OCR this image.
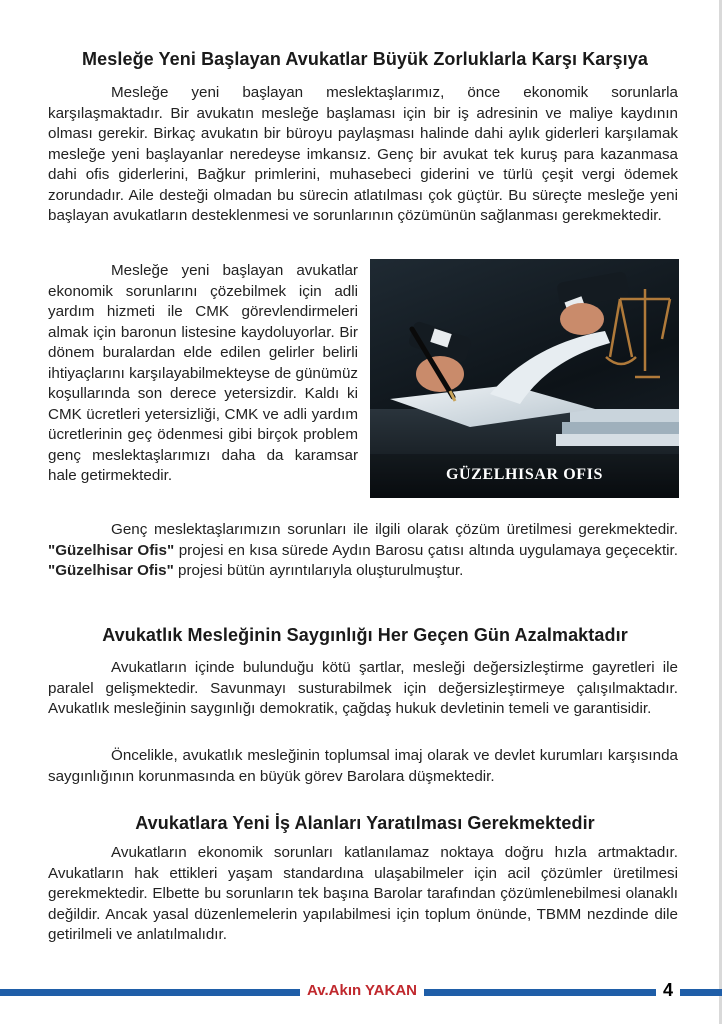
Mesleğe Yeni Başlayan Avukatlar Büyük Zorluklarla Karşı Karşıya

Mesleğe yeni başlayan meslektaşlarımız, önce ekonomik sorunlarla karşılaşmaktadır. Bir avukatın mesleğe başlaması için bir iş adresinin ve maliye kaydının olması gerekir. Birkaç avukatın bir büroyu paylaşması halinde dahi aylık giderleri karşılamak mesleğe yeni başlayanlar neredeyse imkansız. Genç bir avukat tek kuruş para kazanmasa dahi ofis giderlerini, Bağkur primlerini, muhasebeci giderini ve türlü çeşit vergi ödemek zorundadır. Aile desteği olmadan bu sürecin atlatılması çok güçtür. Bu süreçte mesleğe yeni başlayan avukatların desteklenmesi ve sorunlarının çözümünün sağlanması gerekmektedir.

Mesleğe yeni başlayan avukatlar ekonomik sorunlarını çözebilmek için adli yardım hizmeti ile CMK görevlendirmeleri almak için baronun listesine kaydoluyorlar. Bir dönem buralardan elde edilen gelirler belirli ihtiyaçlarını karşılayabilmekteyse de günümüz koşullarında son derece yetersizdir. Kaldı ki CMK ücretleri yetersizliği, CMK ve adli yardım ücretlerinin geç ödenmesi gibi birçok problem genç meslektaşlarımızı daha da karamsar hale getirmektedir.	GÜZELHISAR OFIS

Genç meslektaşlarımızın sorunları ile ilgili olarak çözüm üretilmesi gerekmektedir. "Güzelhisar Ofis" projesi en kısa sürede Aydın Barosu çatısı altında uygulamaya geçecektir. "Güzelhisar Ofis" projesi bütün ayrıntılarıyla oluşturulmuştur.

Avukatlık Mesleğinin Saygınlığı Her Geçen Gün Azalmaktadır

Avukatların içinde bulunduğu kötü şartlar, mesleği değersizleştirme gayretleri ile paralel gelişmektedir. Savunmayı susturabilmek için değersizleştirmeye çalışılmaktadır. Avukatlık mesleğinin saygınlığı demokratik, çağdaş hukuk devletinin temeli ve garantisidir.

Öncelikle, avukatlık mesleğinin toplumsal imaj olarak ve devlet kurumları karşısında saygınlığının korunmasında en büyük görev Barolara düşmektedir.

Avukatlara Yeni İş Alanları Yaratılması Gerekmektedir

Avukatların ekonomik sorunları katlanılamaz noktaya doğru hızla artmaktadır. Avukatların hak ettikleri yaşam standardına ulaşabilmeler için acil çözümler üretilmesi gerekmektedir. Elbette bu sorunların tek başına Barolar tarafından çözümlenebilmesi olanaklı değildir. Ancak yasal düzenlemelerin yapılabilmesi için toplum önünde, TBMM nezdinde dile getirilmeli ve anlatılmalıdır.

Av.Akın YAKAN	4
